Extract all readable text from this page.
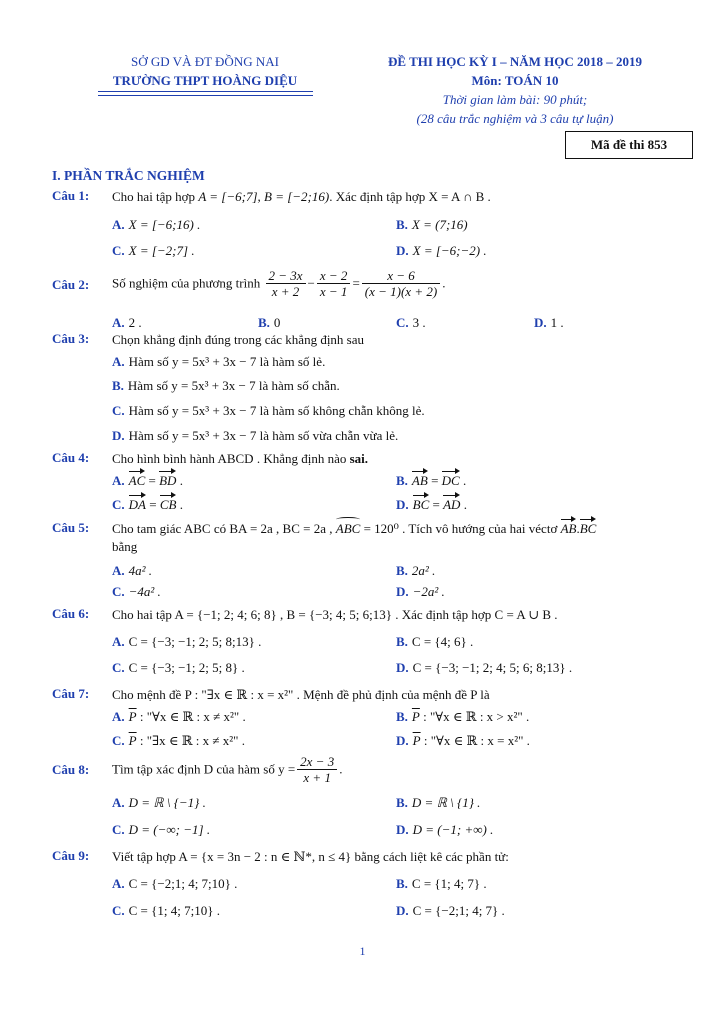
SỞ GD VÀ ĐT ĐỒNG NAI
TRƯỜNG THPT HOÀNG DIỆU
ĐỀ THI HỌC KỲ I – NĂM HỌC 2018 – 2019
Môn: TOÁN 10
Thời gian làm bài: 90 phút;
(28 câu trắc nghiệm và 3 câu tự luận)
Mã đề thi 853
I. PHẦN TRẮC NGHIỆM
Câu 1: Cho hai tập hợp A = [−6;7], B = [−2;16). Xác định tập hợp X = A ∩ B .
A. X = [−6;16) .	B. X = (7;16)
C. X = [−2;7] .	D. X = [−6;−2) .
Câu 2: Số nghiệm của phương trình $\frac{2 - 3x}{x + 2} - \frac{x - 2}{x - 1} = \frac{x - 6}{(x - 1)(x + 2)}$ .
A. 2 .	B. 0	C. 3 .	D. 1 .
Câu 3: Chọn khẳng định đúng trong các khẳng định sau
A. Hàm số y = 5x³ + 3x − 7 là hàm số lẻ.
B. Hàm số y = 5x³ + 3x − 7 là hàm số chẵn.
C. Hàm số y = 5x³ + 3x − 7 là hàm số không chẵn không lẻ.
D. Hàm số y = 5x³ + 3x − 7 là hàm số vừa chẵn vừa lẻ.
Câu 4: Cho hình bình hành ABCD . Khẳng định nào sai.
A. AC = BD .	B. AB = DC .
C. DA = CB .	D. BC = AD .
Câu 5: Cho tam giác ABC có BA = 2a , BC = 2a , ABC = 120⁰ . Tích vô hướng của hai véctơ AB.BC
bằng
A. 4a² .	B. 2a² .
C. −4a² .	D. −2a² .
Câu 6: Cho hai tập A = {−1; 2; 4; 6; 8} , B = {−3; 4; 5; 6;13} . Xác định tập hợp C = A ∪ B .
A. C = {−3; −1; 2; 5; 8;13} .	B. C = {4; 6} .
C. C = {−3; −1; 2; 5; 8} .	D. C = {−3; −1; 2; 4; 5; 6; 8;13} .
Câu 7: Cho mệnh đề P : "∃x ∈ ℝ : x = x²" . Mệnh đề phủ định của mệnh đề P là
A. $\overline{P}$ : "∀x ∈ ℝ : x ≠ x²" .	B. $\overline{P}$ : "∀x ∈ ℝ : x > x²" .
C. $\overline{P}$ : "∃x ∈ ℝ : x ≠ x²" .	D. $\overline{P}$ : "∀x ∈ ℝ : x = x²" .
Câu 8: Tìm tập xác định D của hàm số $y = \frac{2x - 3}{x + 1}$ .
A. D = ℝ \ {−1} .	B. D = ℝ \ {1} .
C. D = (−∞; −1] .	D. D = (−1; +∞) .
Câu 9: Viết tập hợp A = {x = 3n − 2 : n ∈ ℕ*, n ≤ 4} bằng cách liệt kê các phần tử:
A. C = {−2;1; 4; 7;10} .	B. C = {1; 4; 7} .
C. C = {1; 4; 7;10} .	D. C = {−2;1; 4; 7} .
1
